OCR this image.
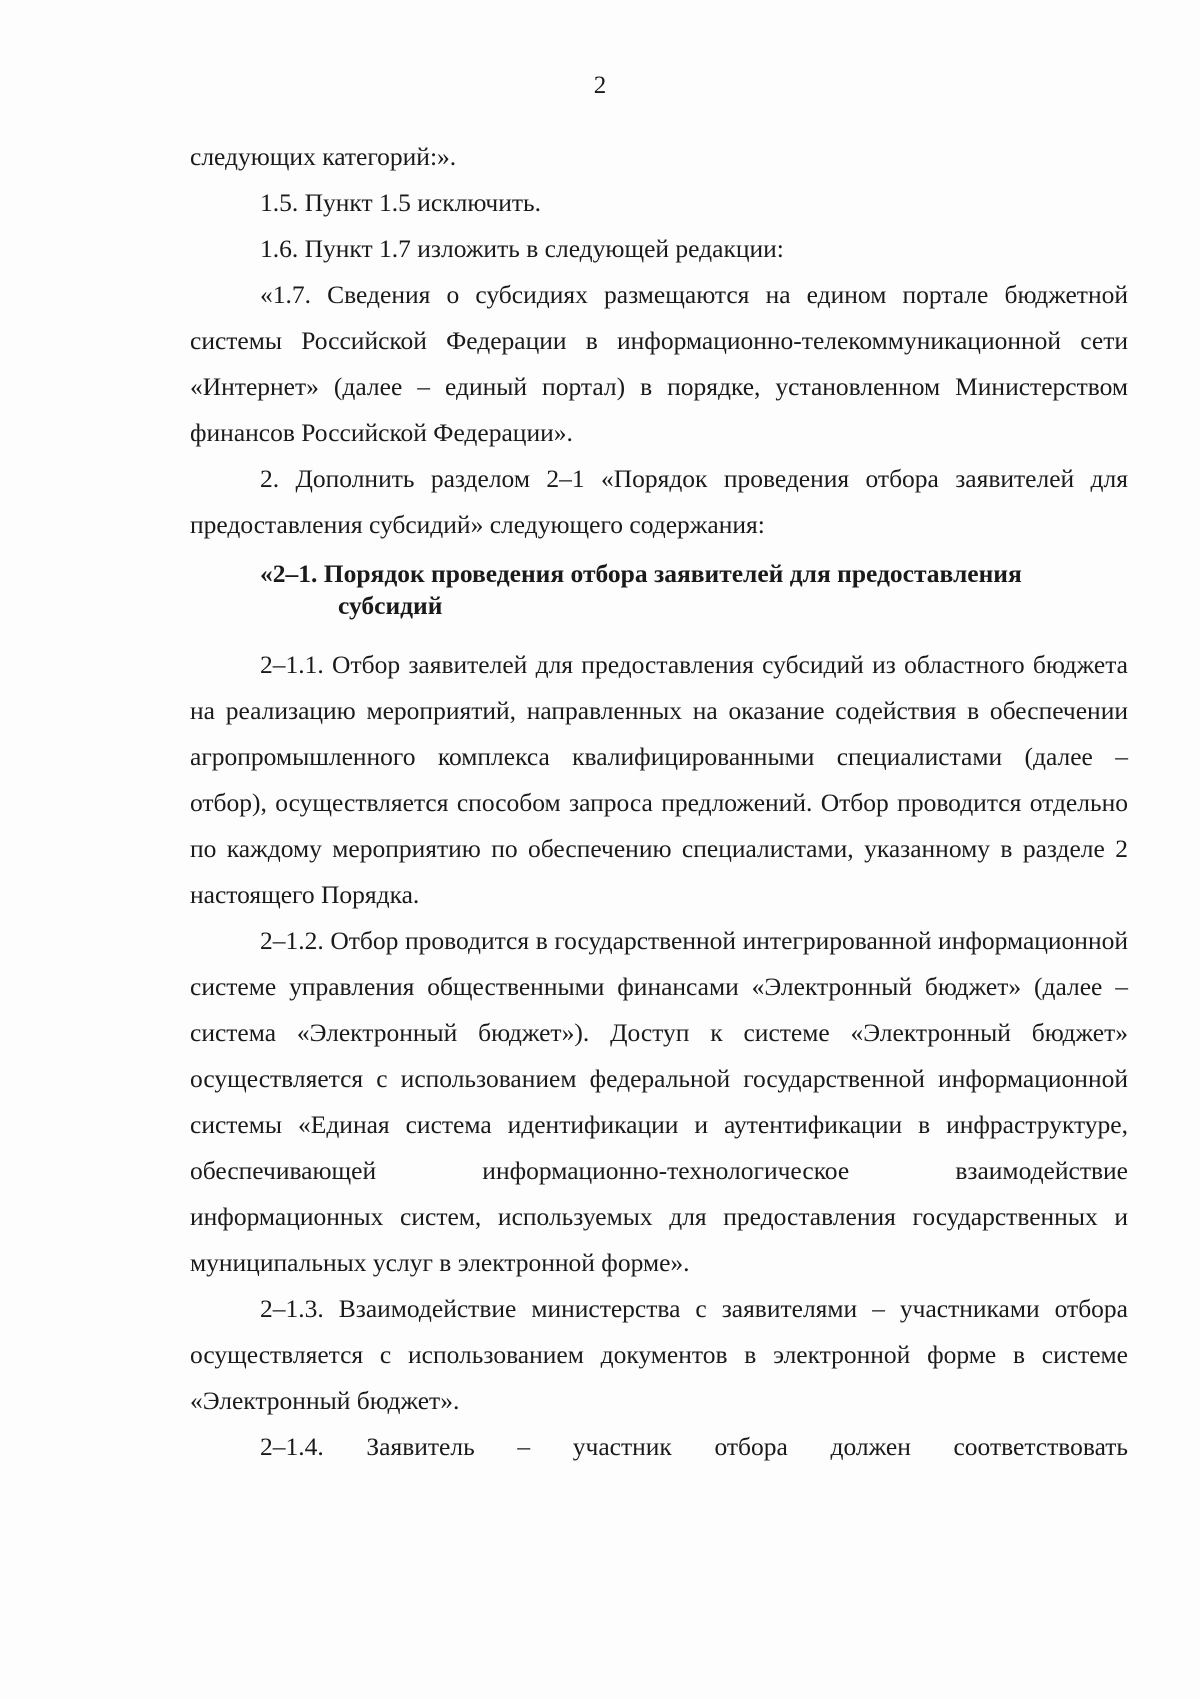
2

следующих категорий:».

1.5. Пункт 1.5 исключить.

1.6. Пункт 1.7 изложить в следующей редакции:

«1.7. Сведения о субсидиях размещаются на едином портале бюджетной системы Российской Федерации в информационно-телекоммуникационной сети «Интернет» (далее – единый портал) в порядке, установленном Министерством финансов Российской Федерации».

2. Дополнить разделом 2–1 «Порядок проведения отбора заявителей для предоставления субсидий» следующего содержания:

«2–1. Порядок проведения отбора заявителей для предоставления
субсидий

2–1.1. Отбор заявителей для предоставления субсидий из областного бюджета на реализацию мероприятий, направленных на оказание содействия в обеспечении агропромышленного комплекса квалифицированными специалистами (далее – отбор), осуществляется способом запроса предложений. Отбор проводится отдельно по каждому мероприятию по обеспечению специалистами, указанному в разделе 2 настоящего Порядка.

2–1.2. Отбор проводится в государственной интегрированной информационной системе управления общественными финансами «Электронный бюджет» (далее – система «Электронный бюджет»). Доступ к системе «Электронный бюджет» осуществляется с использованием федеральной государственной информационной системы «Единая система идентификации и аутентификации в инфраструктуре, обеспечивающей информационно-технологическое взаимодействие информационных систем, используемых для предоставления государственных и муниципальных услуг в электронной форме».

2–1.3. Взаимодействие министерства с заявителями – участниками отбора осуществляется с использованием документов в электронной форме в системе «Электронный бюджет».

2–1.4. Заявитель – участник отбора должен соответствовать
